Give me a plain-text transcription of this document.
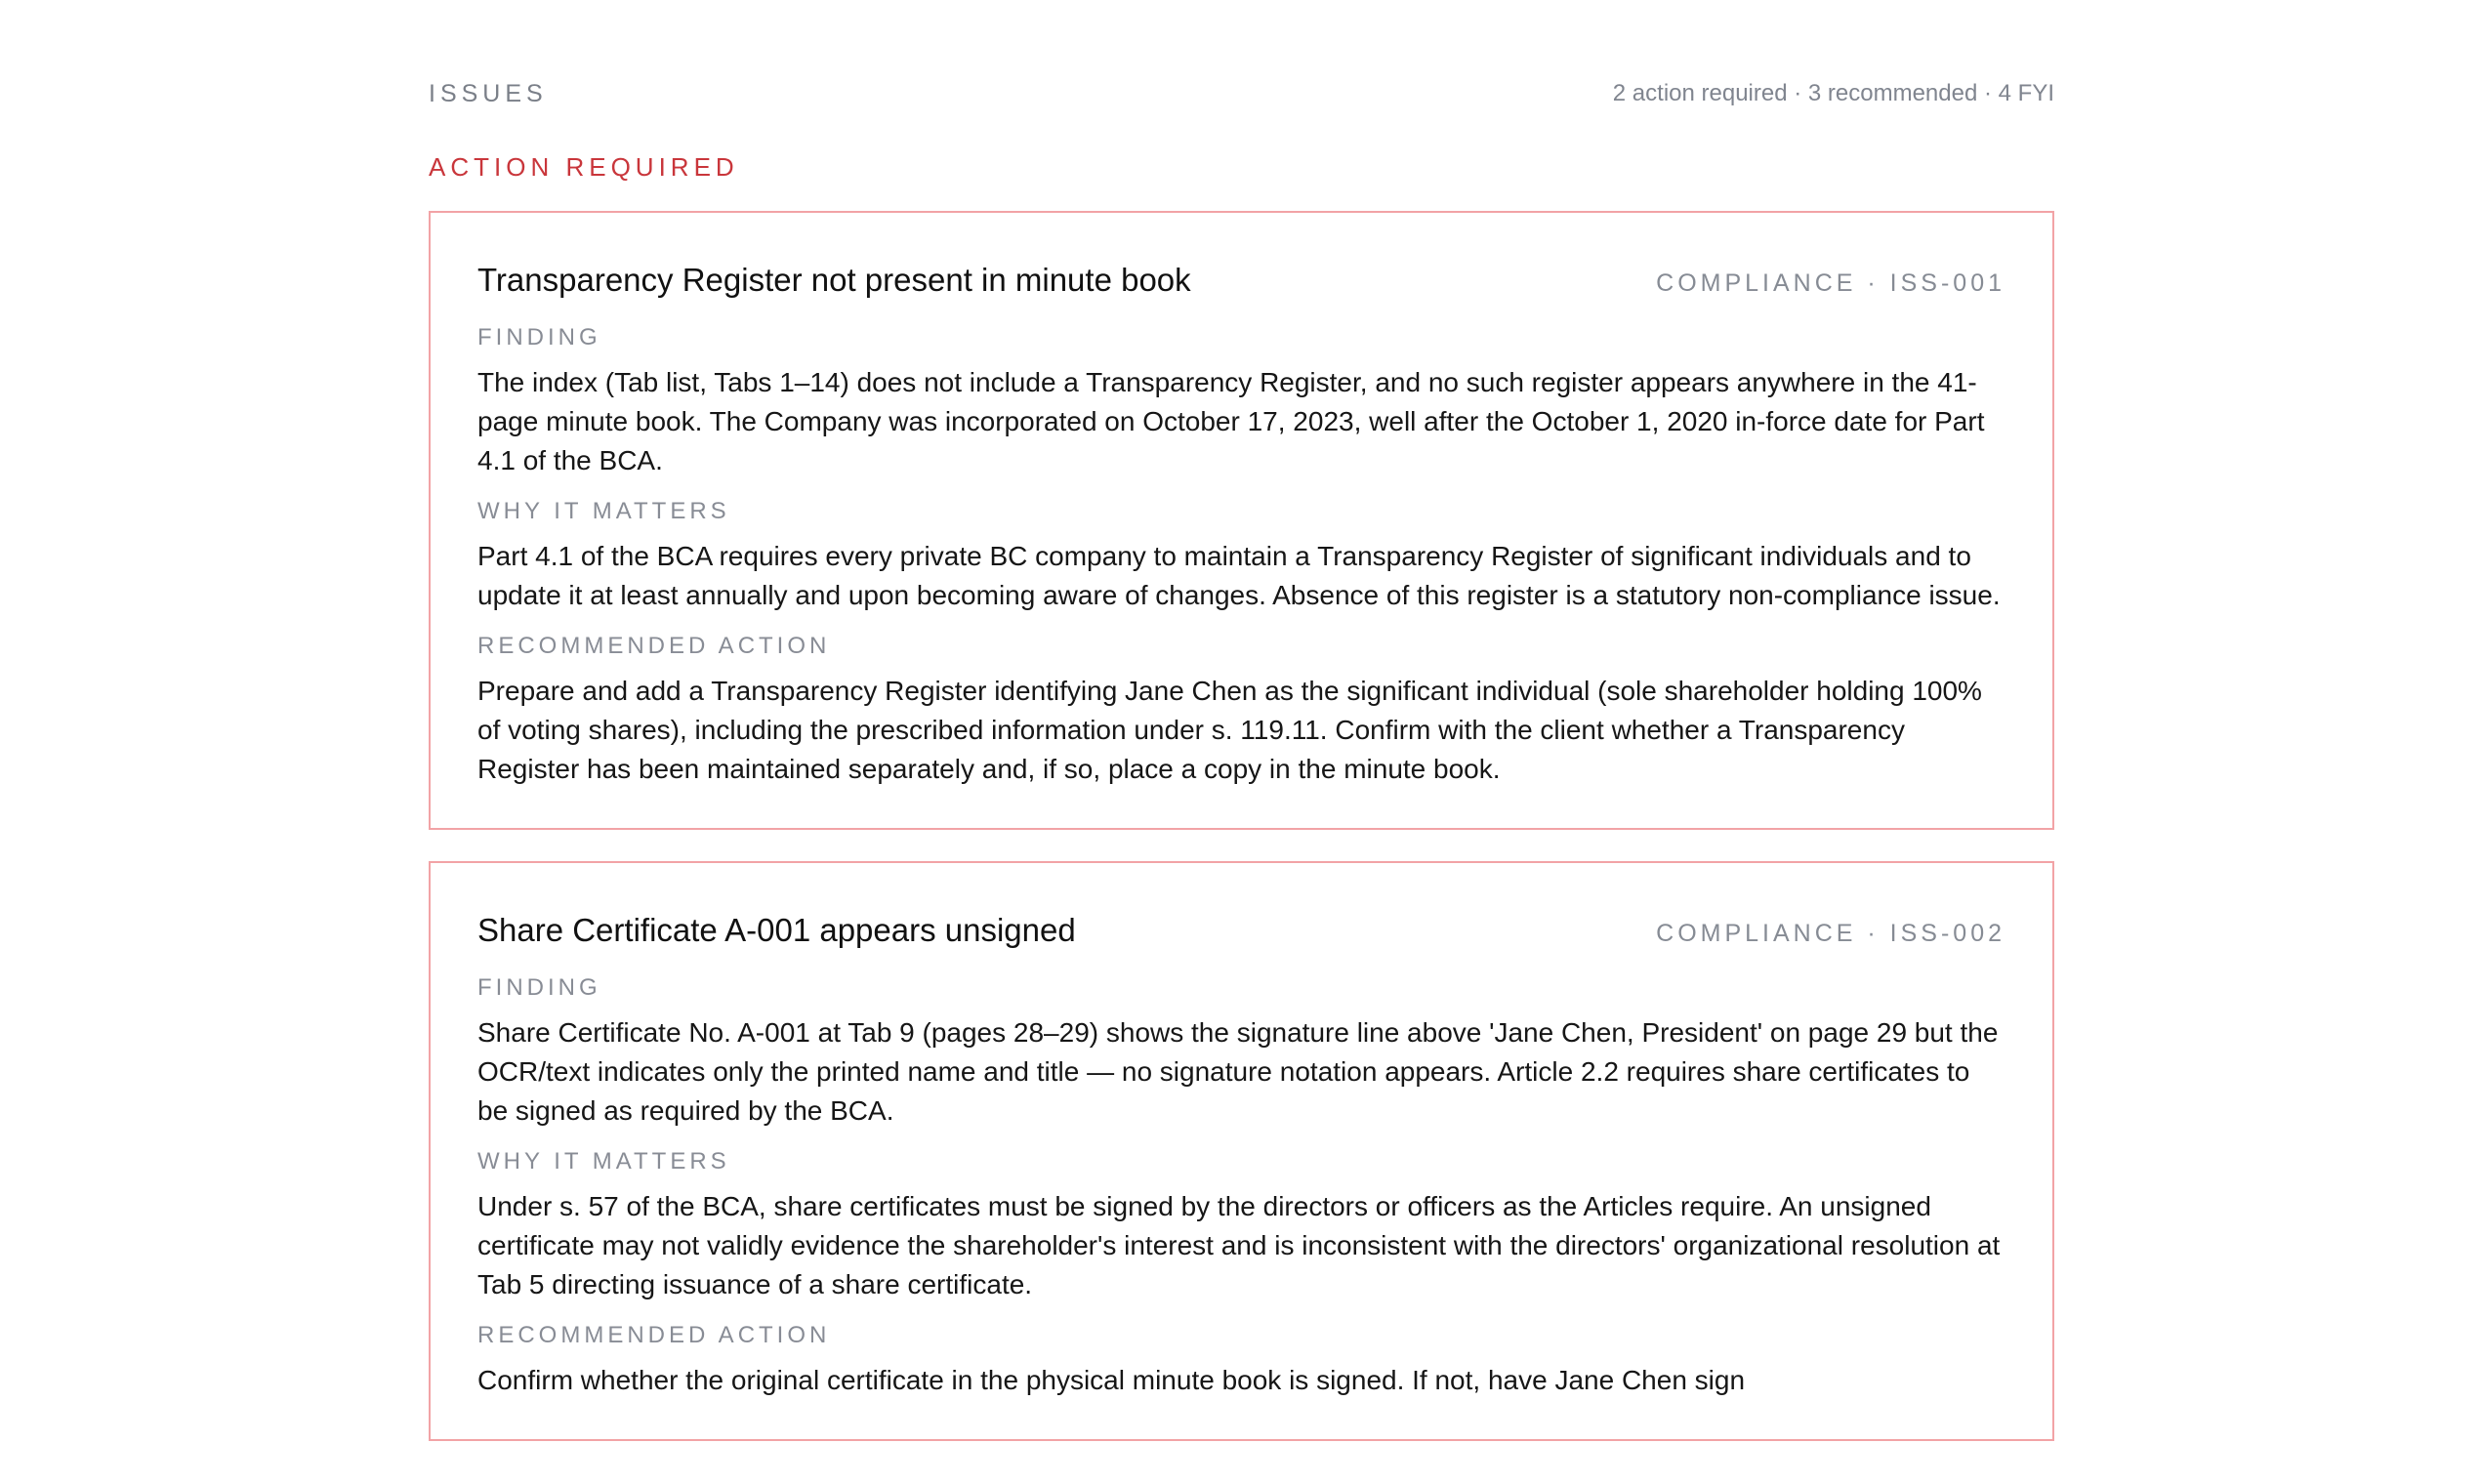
ISSUES	2 action required · 3 recommended · 4 FYI
ACTION REQUIRED
Transparency Register not present in minute book	COMPLIANCE · ISS-001
FINDING
The index (Tab list, Tabs 1–14) does not include a Transparency Register, and no such register appears anywhere in the 41-page minute book. The Company was incorporated on October 17, 2023, well after the October 1, 2020 in-force date for Part 4.1 of the BCA.
WHY IT MATTERS
Part 4.1 of the BCA requires every private BC company to maintain a Transparency Register of significant individuals and to update it at least annually and upon becoming aware of changes. Absence of this register is a statutory non-compliance issue.
RECOMMENDED ACTION
Prepare and add a Transparency Register identifying Jane Chen as the significant individual (sole shareholder holding 100% of voting shares), including the prescribed information under s. 119.11. Confirm with the client whether a Transparency Register has been maintained separately and, if so, place a copy in the minute book.
Share Certificate A-001 appears unsigned	COMPLIANCE · ISS-002
FINDING
Share Certificate No. A-001 at Tab 9 (pages 28–29) shows the signature line above 'Jane Chen, President' on page 29 but the OCR/text indicates only the printed name and title — no signature notation appears. Article 2.2 requires share certificates to be signed as required by the BCA.
WHY IT MATTERS
Under s. 57 of the BCA, share certificates must be signed by the directors or officers as the Articles require. An unsigned certificate may not validly evidence the shareholder's interest and is inconsistent with the directors' organizational resolution at Tab 5 directing issuance of a share certificate.
RECOMMENDED ACTION
Confirm whether the original certificate in the physical minute book is signed. If not, have Jane Chen sign
